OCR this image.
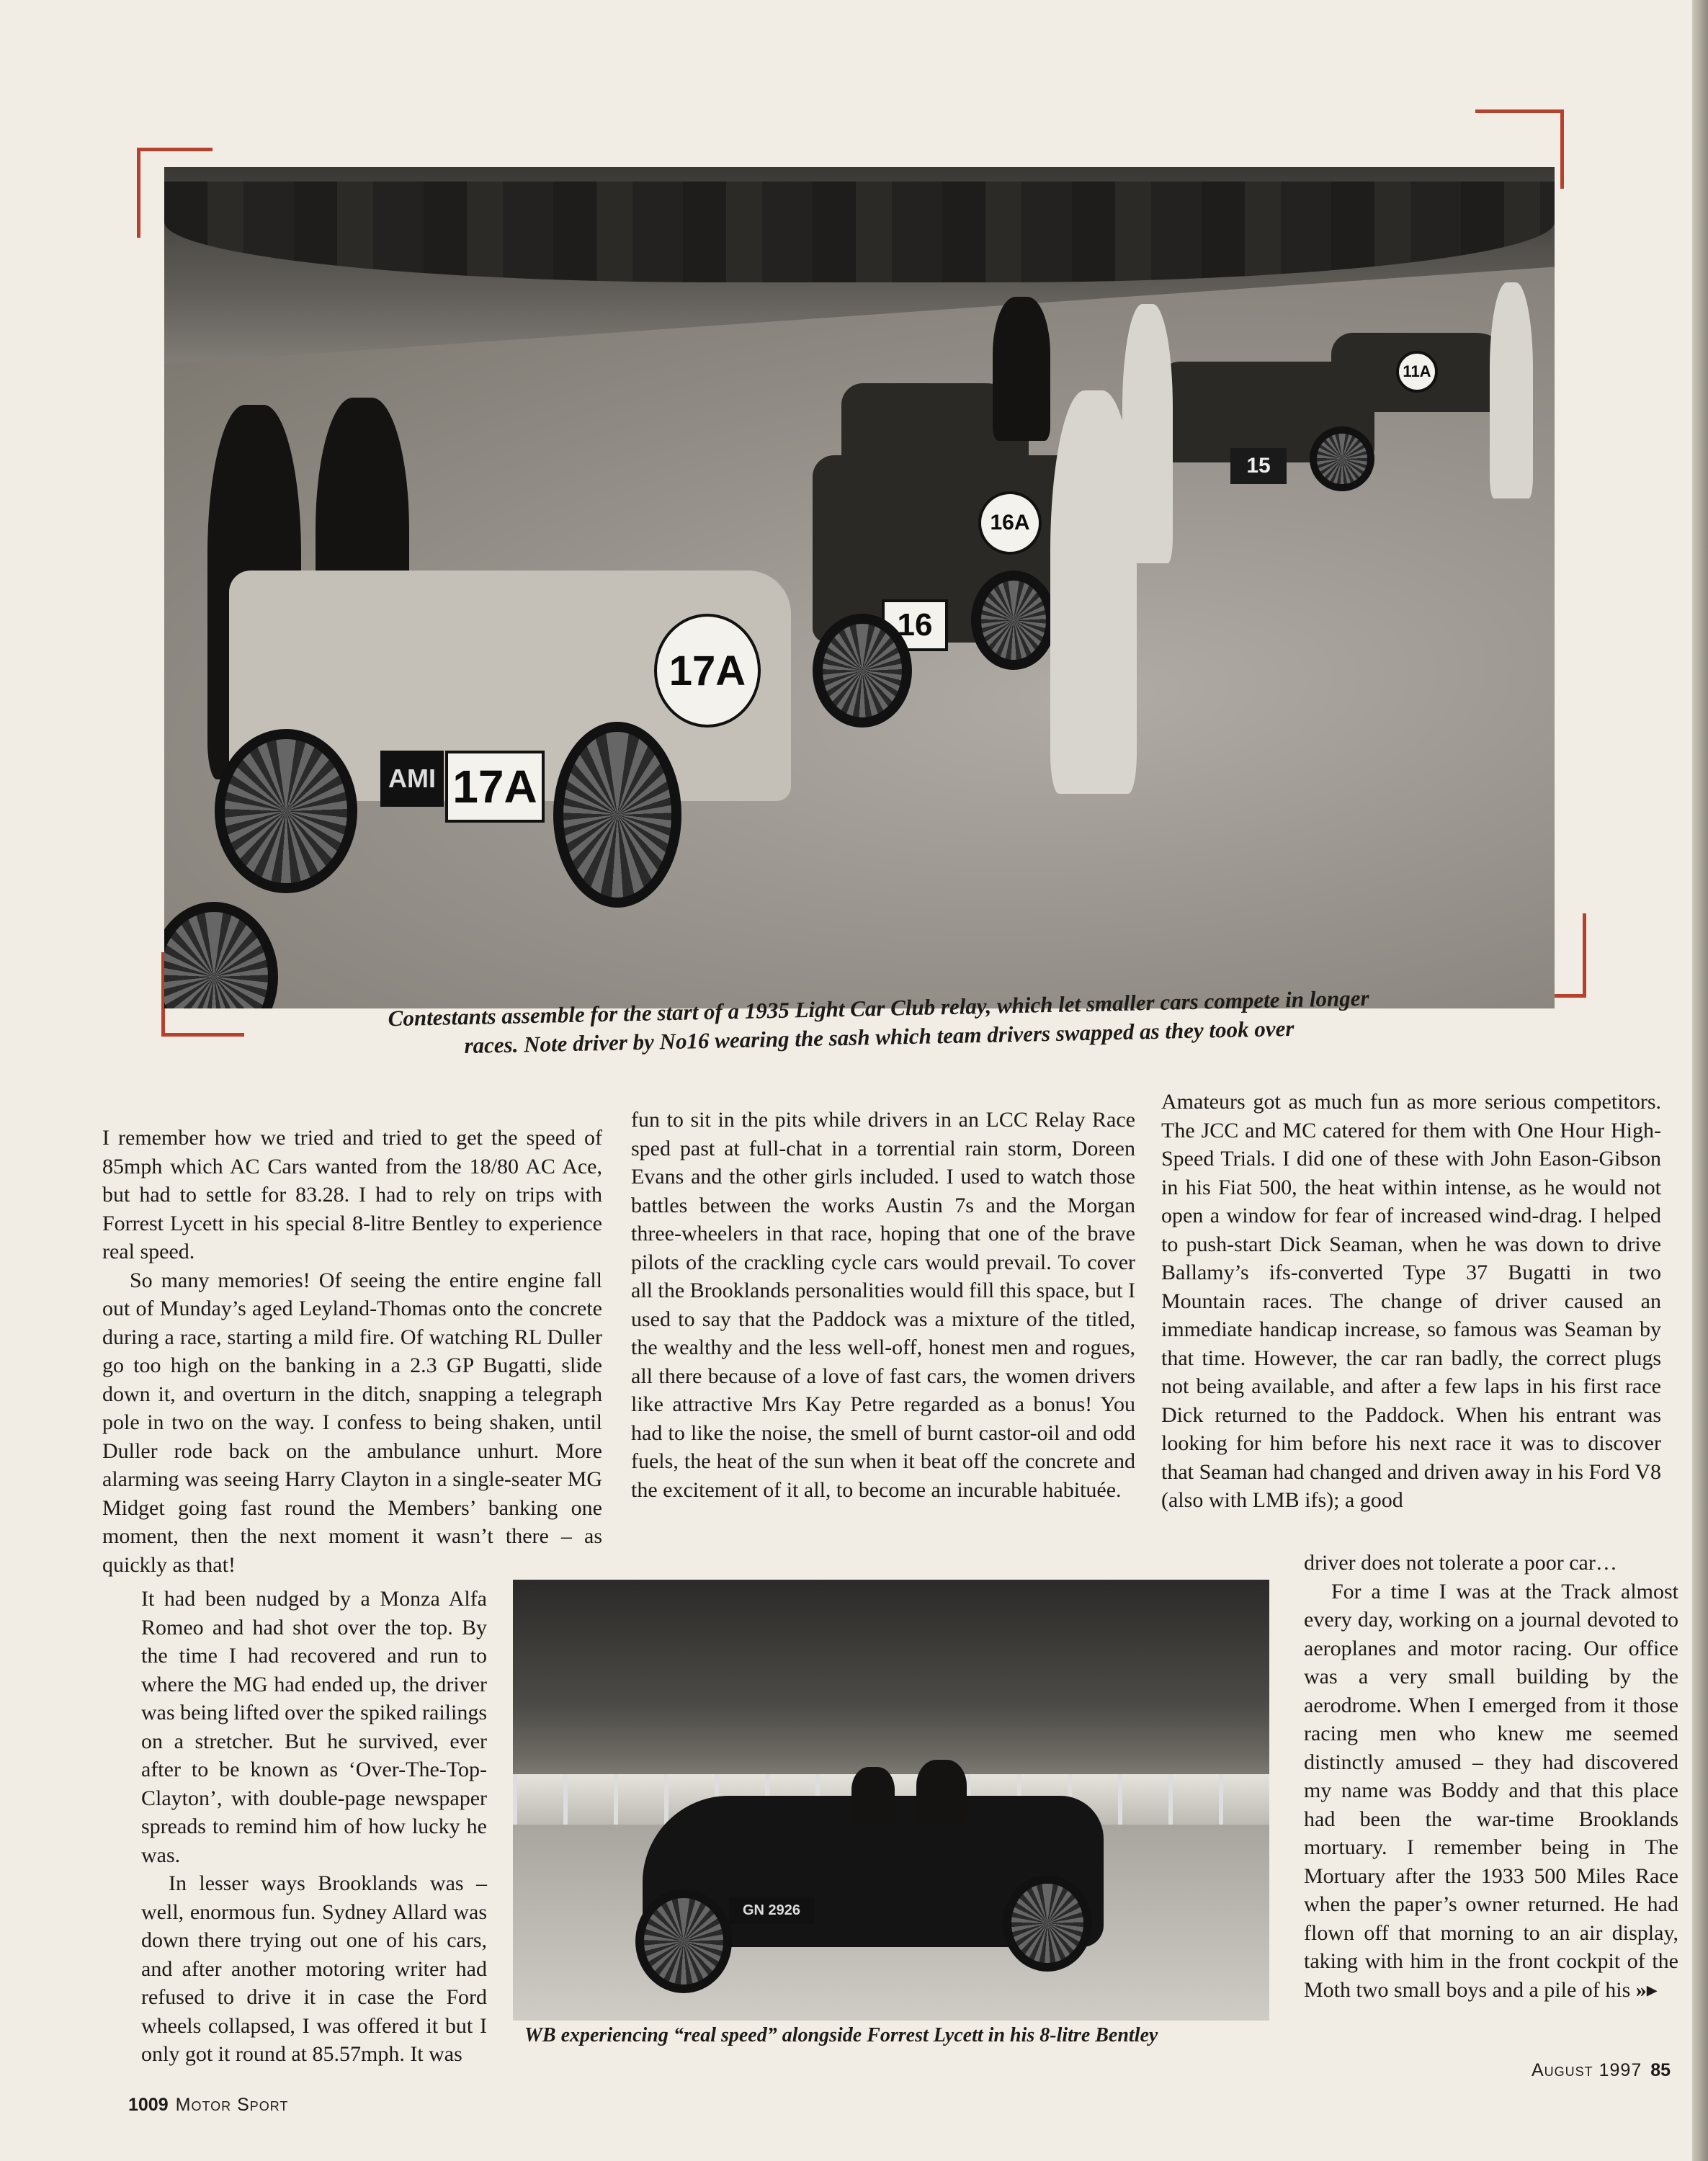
11A
15
16A
16
17A
17A
AMI
Contestants assemble for the start of a 1935 Light Car Club relay, which let smaller cars compete in longer races. Note driver by No16 wearing the sash which team drivers swapped as they took over

I remember how we tried and tried to get the speed of 85mph which AC Cars wanted from the 18/80 AC Ace, but had to settle for 83.28. I had to rely on trips with Forrest Lycett in his special 8-litre Bentley to experience real speed.

So many memories! Of seeing the entire engine fall out of Munday’s aged Leyland-Thomas onto the concrete during a race, starting a mild fire. Of watching RL Duller go too high on the banking in a 2.3 GP Bugatti, slide down it, and overturn in the ditch, snapping a telegraph pole in two on the way. I confess to being shaken, until Duller rode back on the ambulance unhurt. More alarming was seeing Harry Clayton in a single-seater MG Midget going fast round the Members’ banking one moment, then the next moment it wasn’t there – as quickly as that!

It had been nudged by a Monza Alfa Romeo and had shot over the top. By the time I had recovered and run to where the MG had ended up, the driver was being lifted over the spiked railings on a stretcher. But he survived, ever after to be known as ‘Over-The-Top-Clayton’, with double-page newspaper spreads to remind him of how lucky he was.

In lesser ways Brooklands was – well, enormous fun. Sydney Allard was down there trying out one of his cars, and after another motoring writer had refused to drive it in case the Ford wheels collapsed, I was offered it but I only got it round at 85.57mph. It was

fun to sit in the pits while drivers in an LCC Relay Race sped past at full-chat in a torrential rain storm, Doreen Evans and the other girls included. I used to watch those battles between the works Austin 7s and the Morgan three-wheelers in that race, hoping that one of the brave pilots of the crackling cycle cars would prevail. To cover all the Brooklands personalities would fill this space, but I used to say that the Paddock was a mixture of the titled, the wealthy and the less well-off, honest men and rogues, all there because of a love of fast cars, the women drivers like attractive Mrs Kay Petre regarded as a bonus! You had to like the noise, the smell of burnt castor-oil and odd fuels, the heat of the sun when it beat off the concrete and the excitement of it all, to become an incurable habituée.

Amateurs got as much fun as more serious competitors. The JCC and MC catered for them with One Hour High-Speed Trials. I did one of these with John Eason-Gibson in his Fiat 500, the heat within intense, as he would not open a window for fear of increased wind-drag. I helped to push-start Dick Seaman, when he was down to drive Ballamy’s ifs-converted Type 37 Bugatti in two Mountain races. The change of driver caused an immediate handicap increase, so famous was Seaman by that time. However, the car ran badly, the correct plugs not being available, and after a few laps in his first race Dick returned to the Paddock. When his entrant was looking for him before his next race it was to discover that Seaman had changed and driven away in his Ford V8 (also with LMB ifs); a good

driver does not tolerate a poor car…

For a time I was at the Track almost every day, working on a journal devoted to aeroplanes and motor racing. Our office was a very small building by the aerodrome. When I emerged from it those racing men who knew me seemed distinctly amused – they had discovered my name was Boddy and that this place had been the war-time Brooklands mortuary. I remember being in The Mortuary after the 1933 500 Miles Race when the paper’s owner returned. He had flown off that morning to an air display, taking with him in the front cockpit of the Moth two small boys and a pile of his »▸

GN 2926
WB experiencing “real speed” alongside Forrest Lycett in his 8-litre Bentley
1009 Motor Sport
August 1997 85
